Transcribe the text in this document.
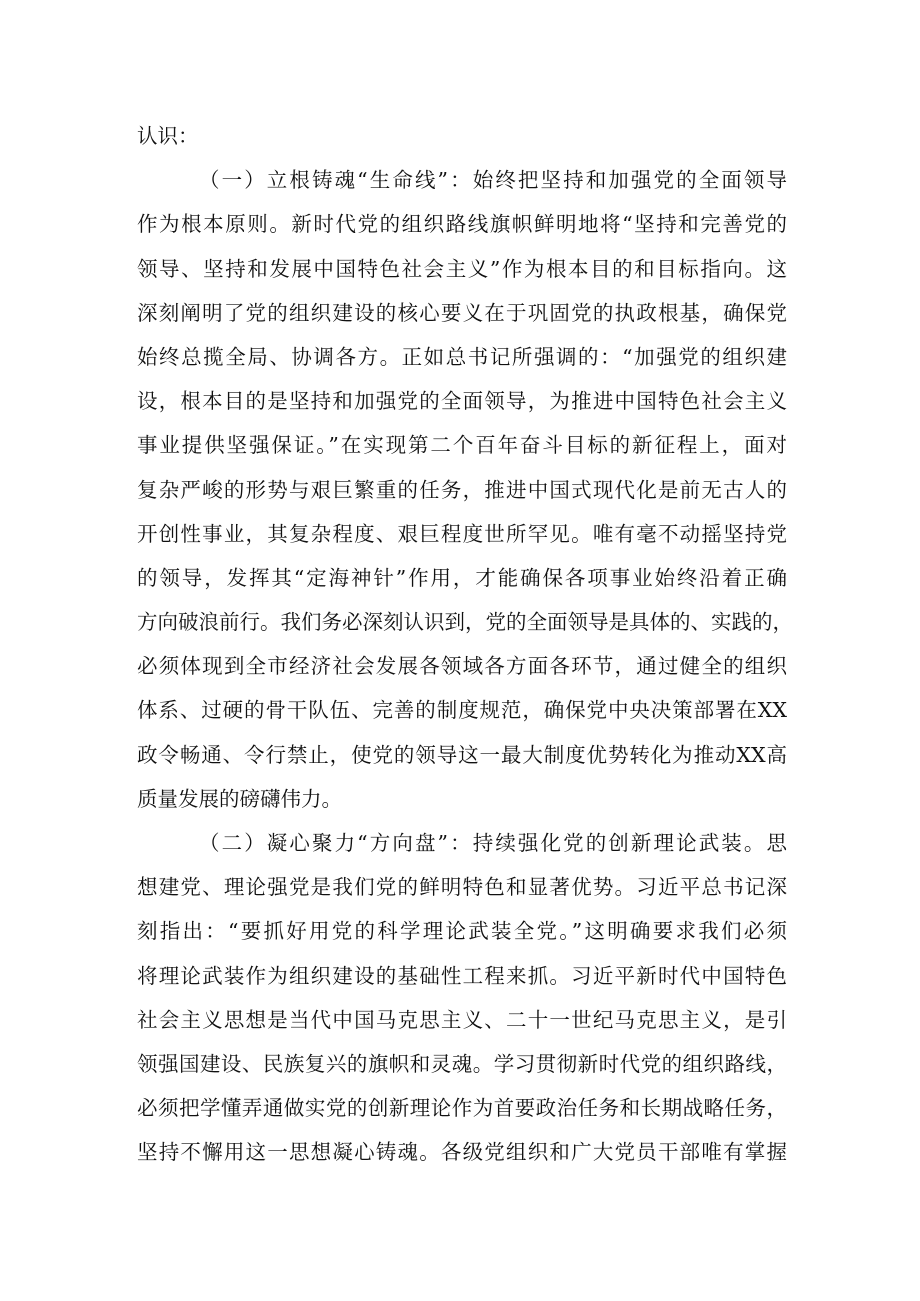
认识：
（一）立根铸魂“生命线”：始终把坚持和加强党的全面领导
作为根本原则。新时代党的组织路线旗帜鲜明地将“坚持和完善党的
领导、坚持和发展中国特色社会主义”作为根本目的和目标指向。这
深刻阐明了党的组织建设的核心要义在于巩固党的执政根基，确保党
始终总揽全局、协调各方。正如总书记所强调的：“加强党的组织建
设，根本目的是坚持和加强党的全面领导，为推进中国特色社会主义
事业提供坚强保证。”在实现第二个百年奋斗目标的新征程上，面对
复杂严峻的形势与艰巨繁重的任务，推进中国式现代化是前无古人的
开创性事业，其复杂程度、艰巨程度世所罕见。唯有毫不动摇坚持党
的领导，发挥其“定海神针”作用，才能确保各项事业始终沿着正确
方向破浪前行。我们务必深刻认识到，党的全面领导是具体的、实践的，
必须体现到全市经济社会发展各领域各方面各环节，通过健全的组织
体系、过硬的骨干队伍、完善的制度规范，确保党中央决策部署在XX
政令畅通、令行禁止，使党的领导这一最大制度优势转化为推动XX高
质量发展的磅礴伟力。
（二）凝心聚力“方向盘”：持续强化党的创新理论武装。思
想建党、理论强党是我们党的鲜明特色和显著优势。习近平总书记深
刻指出：“要抓好用党的科学理论武装全党。”这明确要求我们必须
将理论武装作为组织建设的基础性工程来抓。习近平新时代中国特色
社会主义思想是当代中国马克思主义、二十一世纪马克思主义，是引
领强国建设、民族复兴的旗帜和灵魂。学习贯彻新时代党的组织路线，
必须把学懂弄通做实党的创新理论作为首要政治任务和长期战略任务，
坚持不懈用这一思想凝心铸魂。各级党组织和广大党员干部唯有掌握
